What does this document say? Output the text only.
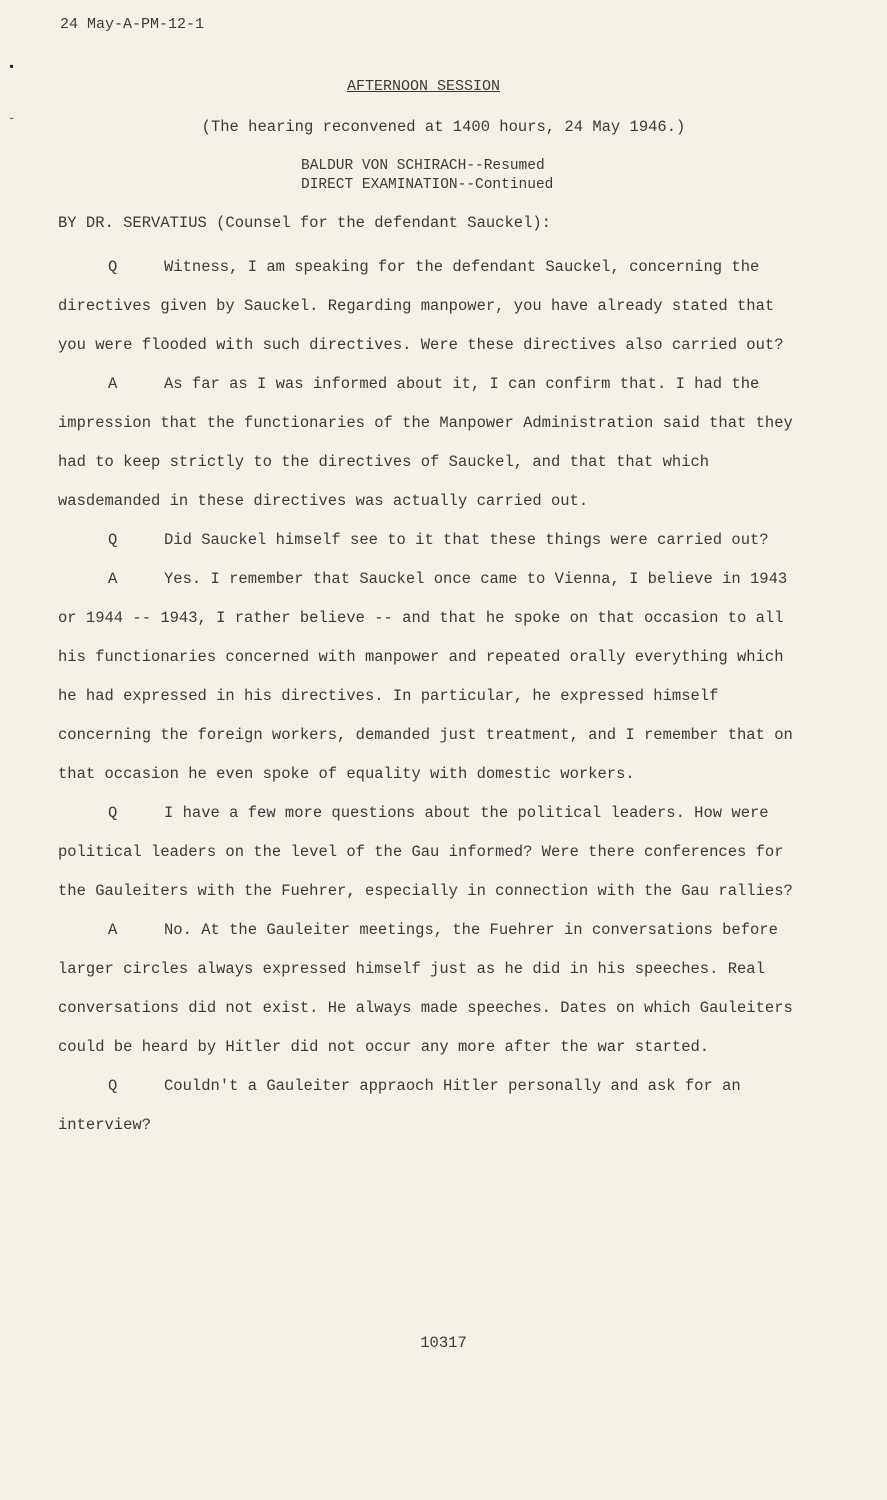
▪
˘
24 May-A-PM-12-1
AFTERNOON SESSION
(The hearing reconvened at 1400 hours, 24 May 1946.)
BALDUR VON SCHIRACH--Resumed
DIRECT EXAMINATION--Continued
BY DR. SERVATIUS (Counsel for the defendant Sauckel):

Q	Witness, I am speaking for the defendant Sauckel, concerning the directives given by Sauckel. Regarding manpower, you have already stated that you were flooded with such directives. Were these directives also carried out?

A	As far as I was informed about it, I can confirm that. I had the impression that the functionaries of the Manpower Administration said that they had to keep strictly to the directives of Sauckel, and that that which wasdemanded in these directives was actually carried out.

Q	Did Sauckel himself see to it that these things were carried out?

A	Yes. I remember that Sauckel once came to Vienna, I believe in 1943 or 1944 -- 1943, I rather believe -- and that he spoke on that occasion to all his functionaries concerned with manpower and repeated orally everything which he had expressed in his directives. In particular, he expressed himself concerning the foreign workers, demanded just treatment, and I remember that on that occasion he even spoke of equality with domestic workers.

Q	I have a few more questions about the political leaders. How were political leaders on the level of the Gau informed? Were there conferences for the Gauleiters with the Fuehrer, especially in connection with the Gau rallies?

A	No. At the Gauleiter meetings, the Fuehrer in conversations before larger circles always expressed himself just as he did in his speeches. Real conversations did not exist. He always made speeches. Dates on which Gauleiters could be heard by Hitler did not occur any more after the war started.

Q	Couldn't a Gauleiter appraoch Hitler personally and ask for an interview?

10317
